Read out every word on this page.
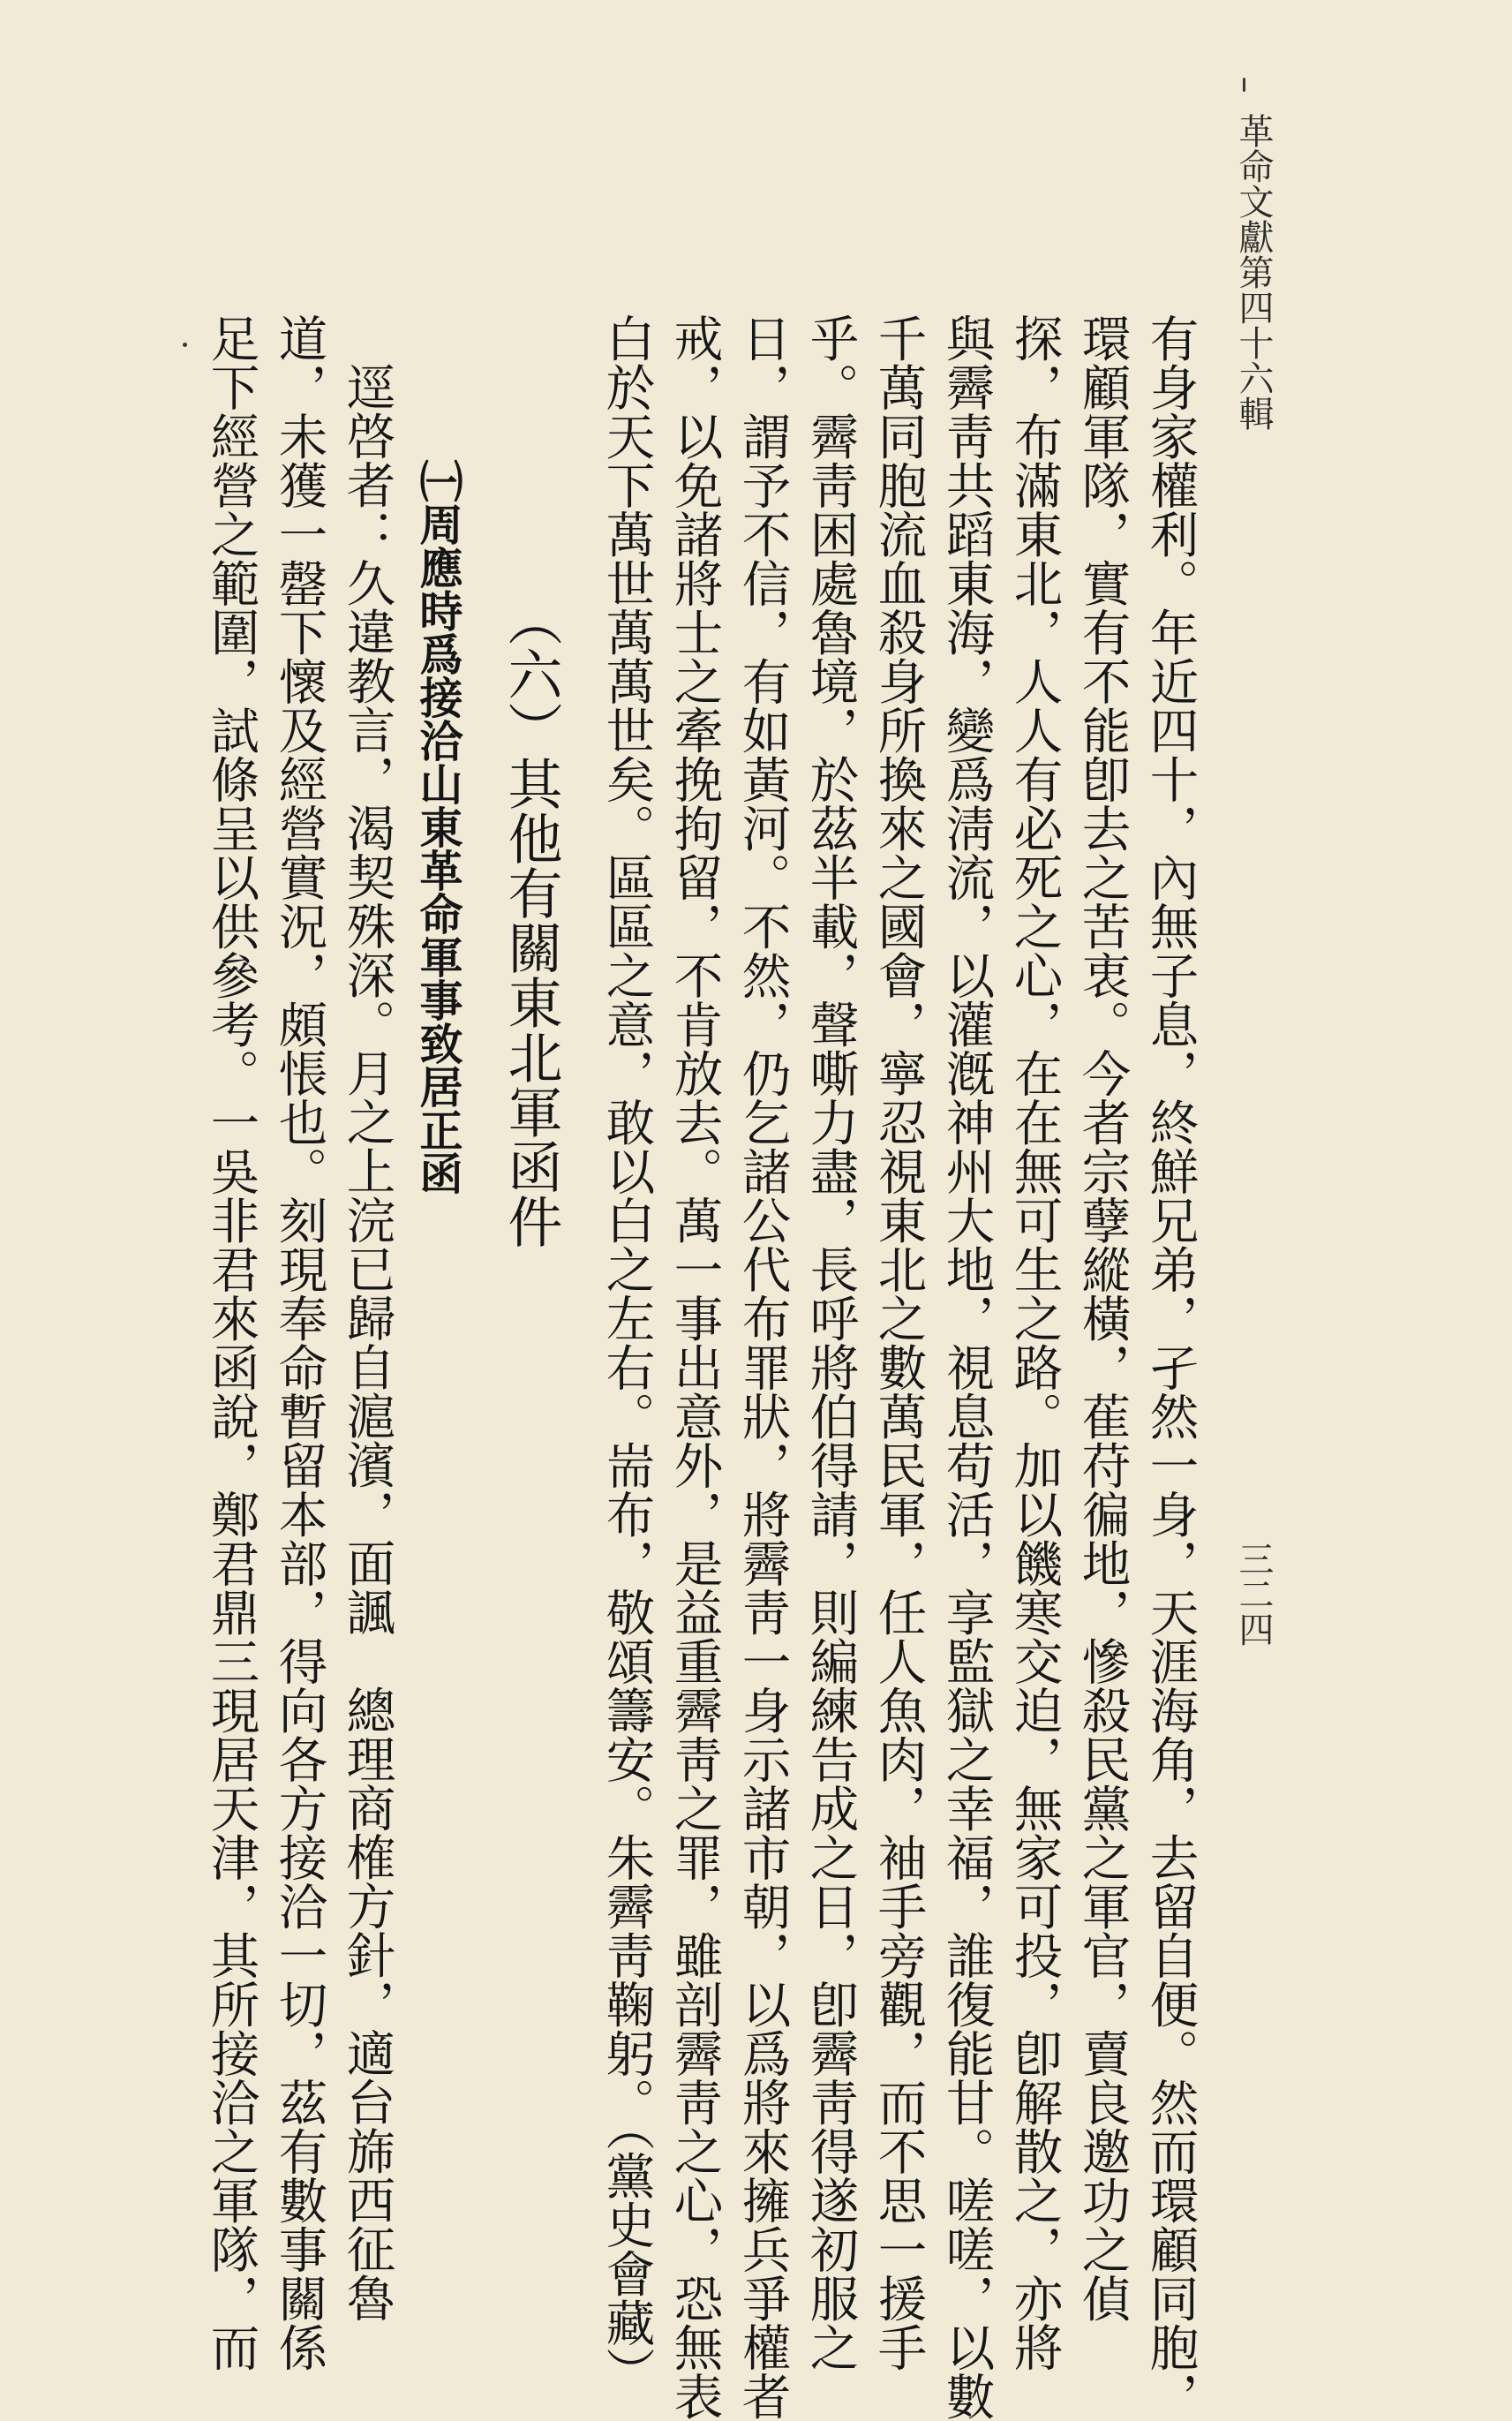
革命文獻第四十六輯
三二四
有身家權利。年近四十，內無子息，終鮮兄弟，孑然一身，天涯海角，去留自便。然而環顧同胞，
環顧軍隊，實有不能卽去之苦衷。今者宗孽縱橫，萑苻徧地，慘殺民黨之軍官，賣良邀功之偵
探，布滿東北，人人有必死之心，在在無可生之路。加以饑寒交迫，無家可投，卽解散之，亦將
與霽靑共蹈東海，變爲淸流，以灌漑神州大地，視息苟活，享監獄之幸福，誰復能甘。嗟嗟，以數
千萬同胞流血殺身所換來之國會，寧忍視東北之數萬民軍，任人魚肉，袖手旁觀，而不思一援手
乎。霽靑困處魯境，於茲半載，聲嘶力盡，長呼將伯得請，則編練告成之日，卽霽靑得遂初服之
日，謂予不信，有如黃河。不然，仍乞諸公代布罪狀，將霽靑一身示諸市朝，以爲將來擁兵爭權者
戒，以免諸將士之牽挽拘留，不肯放去。萬一事出意外，是益重霽靑之罪，雖剖霽靑之心，恐無表
白於天下萬世萬萬世矣。區區之意，敢以白之左右。耑布，敬頌籌安。朱霽靑鞠躬。（黨史會藏）
（六）其他有關東北軍函件
㈠周應時爲接洽山東革命軍事致居正函
逕啓者：久違教言，渴契殊深。月之上浣已歸自滬濱，面諷　總理商榷方針，適台旆西征魯
道，未獲一罄下懷及經營實況，頗悵也。刻現奉命暫留本部，得向各方接洽一切，茲有數事關係
足下經營之範圍，試條呈以供參考。一吳非君來函說，鄭君鼎三現居天津，其所接洽之軍隊，而
